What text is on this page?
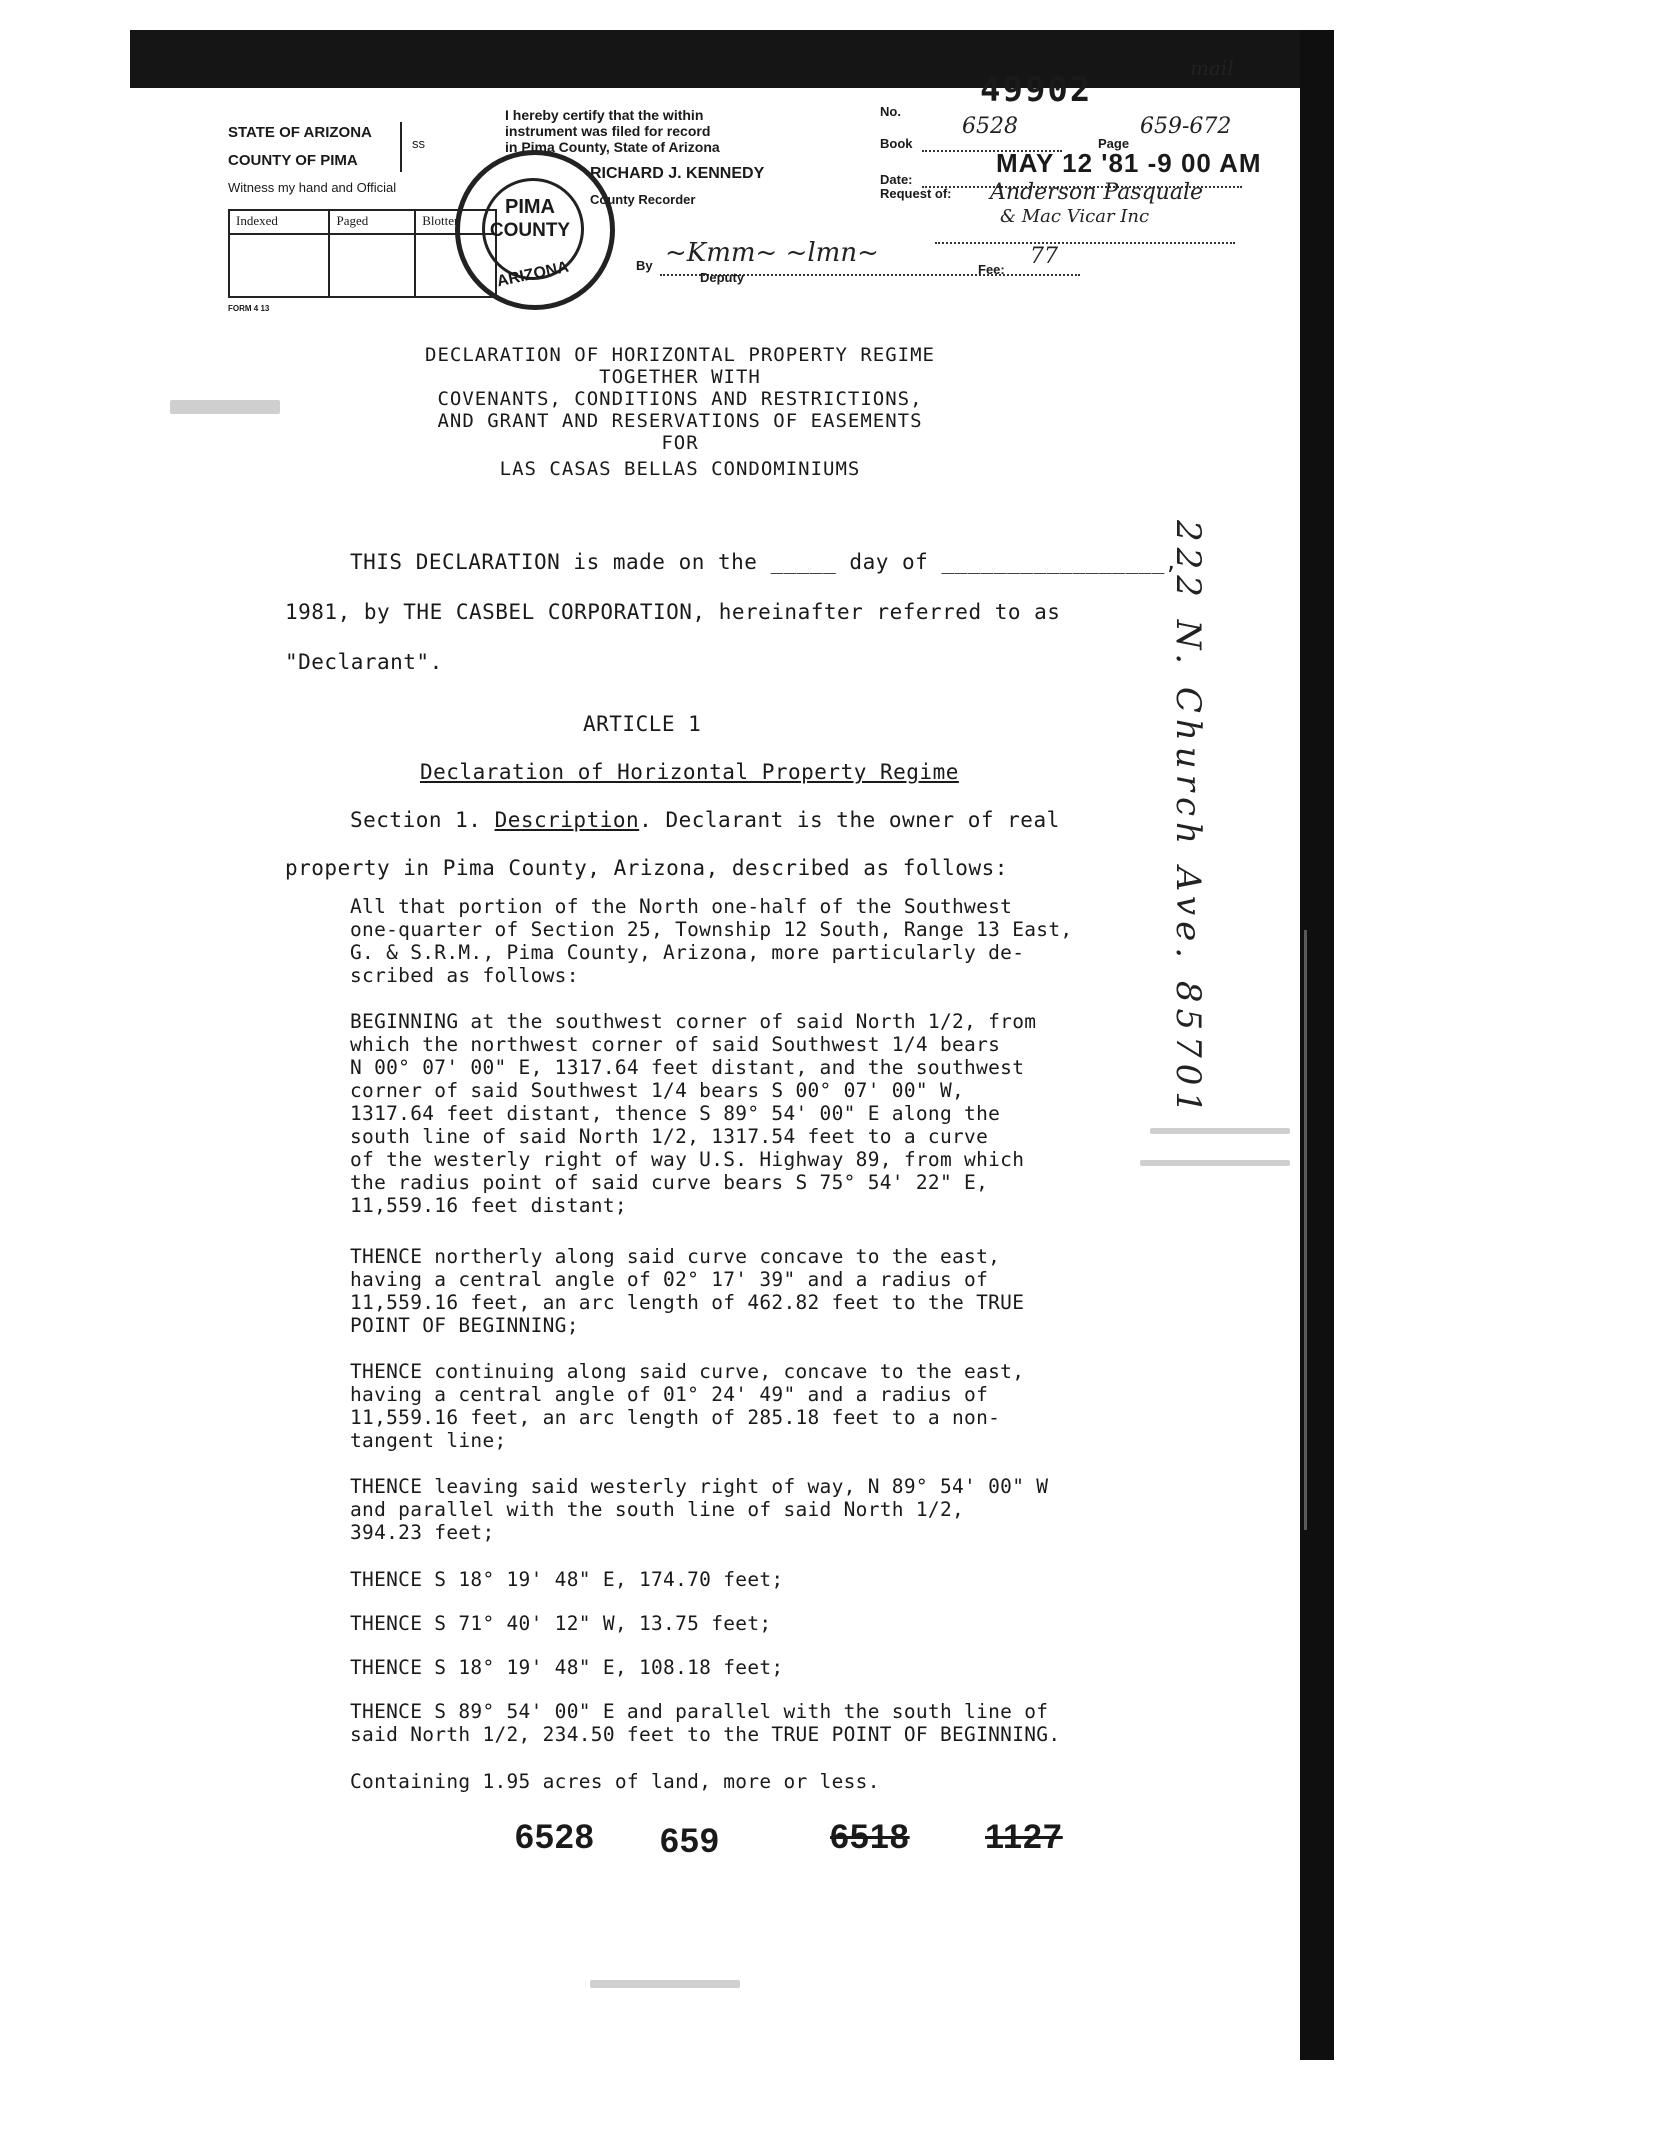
STATE OF ARIZONA
COUNTY OF PIMA
ss
Witness my hand and Official
I hereby certify that the within
instrument was filed for record
in Pima County, State of Arizona
RICHARD J. KENNEDY
County Recorder
Indexed	Paged	Blotter
FORM 4 13
PIMA
COUNTY
ARIZONA	By ~Kmm~ ~lmn~
Deputy
No.
49902
mail
Book
6528
Page
659-672
Date:
MAY 12 '81 -9 00 AM
Request of: Anderson Pasquale
& Mac Vicar Inc
Fee:
77
DECLARATION OF HORIZONTAL PROPERTY REGIME
TOGETHER WITH
COVENANTS, CONDITIONS AND RESTRICTIONS,
AND GRANT AND RESERVATIONS OF EASEMENTS
FOR
LAS CASAS BELLAS CONDOMINIUMS
THIS DECLARATION is made on the _____ day of _________________,
1981, by THE CASBEL CORPORATION, hereinafter referred to as
"Declarant".
ARTICLE 1
Declaration of Horizontal Property Regime
Section 1. Description. Declarant is the owner of real
property in Pima County, Arizona, described as follows:
All that portion of the North one-half of the Southwest
one-quarter of Section 25, Township 12 South, Range 13 East,
G. & S.R.M., Pima County, Arizona, more particularly de-
scribed as follows:
BEGINNING at the southwest corner of said North 1/2, from
which the northwest corner of said Southwest 1/4 bears
N 00° 07' 00" E, 1317.64 feet distant, and the southwest
corner of said Southwest 1/4 bears S 00° 07' 00" W,
1317.64 feet distant, thence S 89° 54' 00" E along the
south line of said North 1/2, 1317.54 feet to a curve
of the westerly right of way U.S. Highway 89, from which
the radius point of said curve bears S 75° 54' 22" E,
11,559.16 feet distant;
THENCE northerly along said curve concave to the east,
having a central angle of 02° 17' 39" and a radius of
11,559.16 feet, an arc length of 462.82 feet to the TRUE
POINT OF BEGINNING;
THENCE continuing along said curve, concave to the east,
having a central angle of 01° 24' 49" and a radius of
11,559.16 feet, an arc length of 285.18 feet to a non-
tangent line;
THENCE leaving said westerly right of way, N 89° 54' 00" W
and parallel with the south line of said North 1/2,
394.23 feet;
THENCE S 18° 19' 48" E, 174.70 feet;
THENCE S 71° 40' 12" W, 13.75 feet;
THENCE S 18° 19' 48" E, 108.18 feet;
THENCE S 89° 54' 00" E and parallel with the south line of
said North 1/2, 234.50 feet to the TRUE POINT OF BEGINNING.
Containing 1.95 acres of land, more or less.
6528	659	6518 1127
222 N. Church Ave. 85701
